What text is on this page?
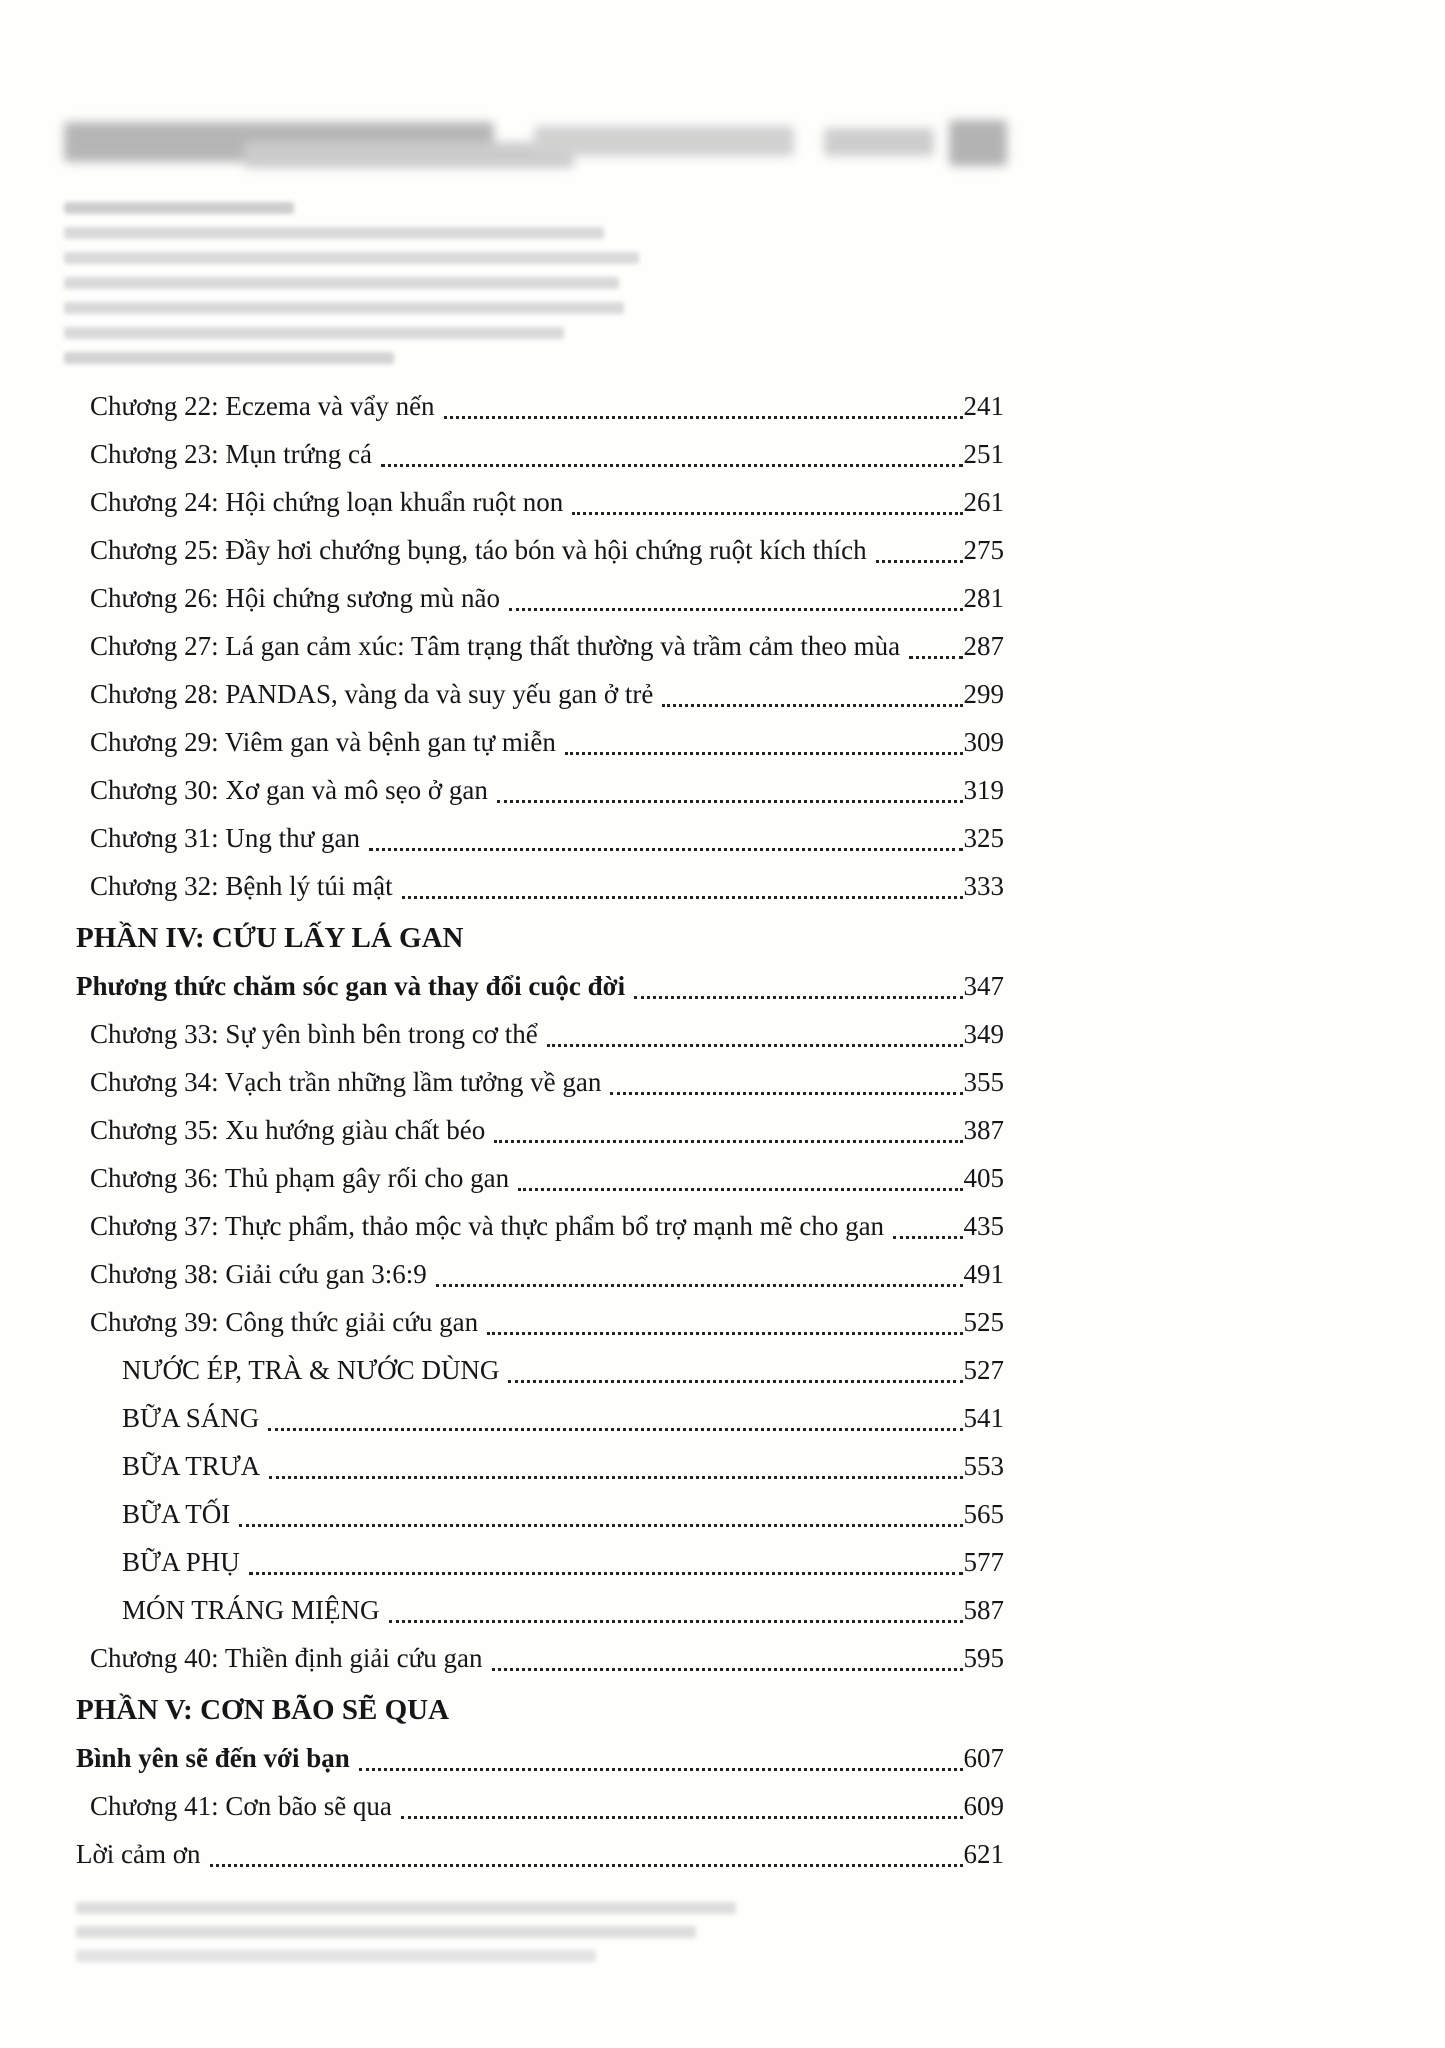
Chương 22: Eczema và vẩy nến	241
Chương 23: Mụn trứng cá	251
Chương 24: Hội chứng loạn khuẩn ruột non	261
Chương 25: Đầy hơi chướng bụng, táo bón và hội chứng ruột kích thích	275
Chương 26: Hội chứng sương mù não	281
Chương 27: Lá gan cảm xúc: Tâm trạng thất thường và trầm cảm theo mùa 287
Chương 28: PANDAS, vàng da và suy yếu gan ở trẻ	299
Chương 29: Viêm gan và bệnh gan tự miễn	309
Chương 30: Xơ gan và mô sẹo ở gan	319
Chương 31: Ung thư gan	325
Chương 32: Bệnh lý túi mật	333
PHẦN IV: CỨU LẤY LÁ GAN
Phương thức chăm sóc gan và thay đổi cuộc đời	347
Chương 33: Sự yên bình bên trong cơ thể	349
Chương 34: Vạch trần những lầm tưởng về gan	355
Chương 35: Xu hướng giàu chất béo	387
Chương 36: Thủ phạm gây rối cho gan	405
Chương 37: Thực phẩm, thảo mộc và thực phẩm bổ trợ mạnh mẽ cho gan	435
Chương 38: Giải cứu gan 3:6:9	491
Chương 39: Công thức giải cứu gan	525
NƯỚC ÉP, TRÀ & NƯỚC DÙNG	527
BỮA SÁNG	541
BỮA TRƯA	553
BỮA TỐI	565
BỮA PHỤ	577
MÓN TRÁNG MIỆNG	587
Chương 40: Thiền định giải cứu gan	595
PHẦN V: CƠN BÃO SẼ QUA
Bình yên sẽ đến với bạn	607
Chương 41: Cơn bão sẽ qua	609
Lời cảm ơn	621
